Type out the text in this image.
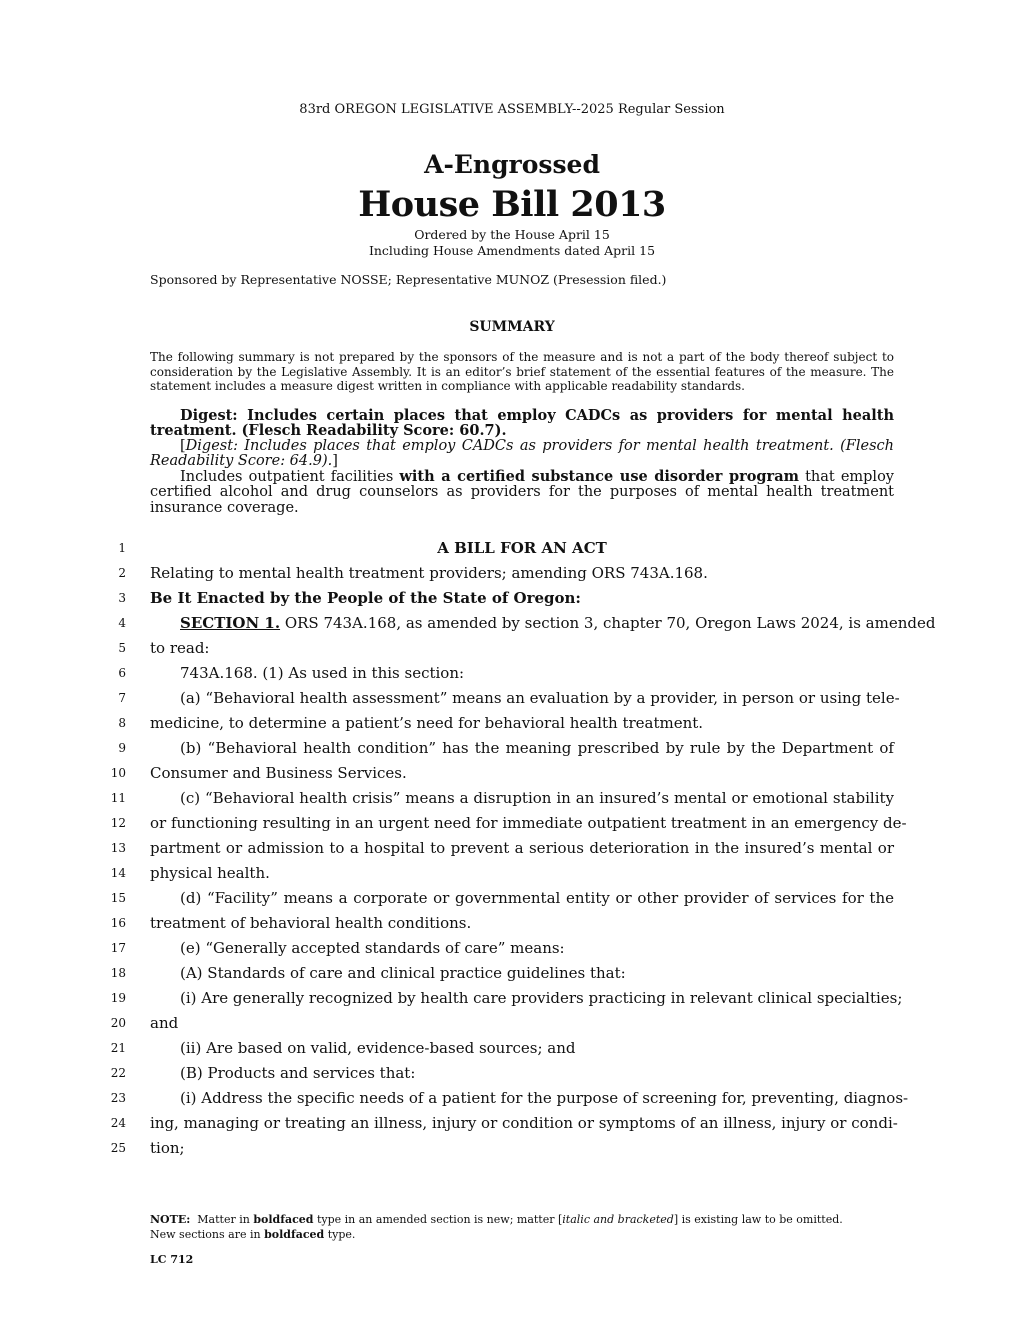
83rd OREGON LEGISLATIVE ASSEMBLY--2025 Regular Session
A-Engrossed
House Bill 2013
Ordered by the House April 15
Including House Amendments dated April 15
Sponsored by Representative NOSSE; Representative MUNOZ (Presession filed.)
SUMMARY

The following summary is not prepared by the sponsors of the measure and is not a part of the body thereof subject to consideration by the Legislative Assembly. It is an editor’s brief statement of the essential features of the measure. The statement includes a measure digest written in compliance with applicable readability standards.

Digest: Includes certain places that employ CADCs as providers for mental health treatment. (Flesch Readability Score: 60.7).

[Digest: Includes places that employ CADCs as providers for mental health treatment. (Flesch Readability Score: 64.9).]

Includes outpatient facilities with a certified substance use disorder program that employ certified alcohol and drug counselors as providers for the purposes of mental health treatment insurance coverage.

1	A BILL FOR AN ACT
2 Relating to mental health treatment providers; amending ORS 743A.168.
3 Be It Enacted by the People of the State of Oregon:
4	SECTION 1. ORS 743A.168, as amended by section 3, chapter 70, Oregon Laws 2024, is amended
5 to read:
6	743A.168. (1) As used in this section:
7	(a) “Behavioral health assessment” means an evaluation by a provider, in person or using tele-
8 medicine, to determine a patient’s need for behavioral health treatment.
9	(b) “Behavioral health condition” has the meaning prescribed by rule by the Department of
10 Consumer and Business Services.
11	(c) “Behavioral health crisis” means a disruption in an insured’s mental or emotional stability
12 or functioning resulting in an urgent need for immediate outpatient treatment in an emergency de-
13 partment or admission to a hospital to prevent a serious deterioration in the insured’s mental or
14 physical health.
15	(d) “Facility” means a corporate or governmental entity or other provider of services for the
16 treatment of behavioral health conditions.
17	(e) “Generally accepted standards of care” means:
18	(A) Standards of care and clinical practice guidelines that:
19	(i) Are generally recognized by health care providers practicing in relevant clinical specialties;
20 and
21	(ii) Are based on valid, evidence-based sources; and
22	(B) Products and services that:
23	(i) Address the specific needs of a patient for the purpose of screening for, preventing, diagnos-
24 ing, managing or treating an illness, injury or condition or symptoms of an illness, injury or condi-
25 tion;
NOTE: Matter in boldfaced type in an amended section is new; matter [italic and bracketed] is existing law to be omitted.
New sections are in boldfaced type.
LC 712
